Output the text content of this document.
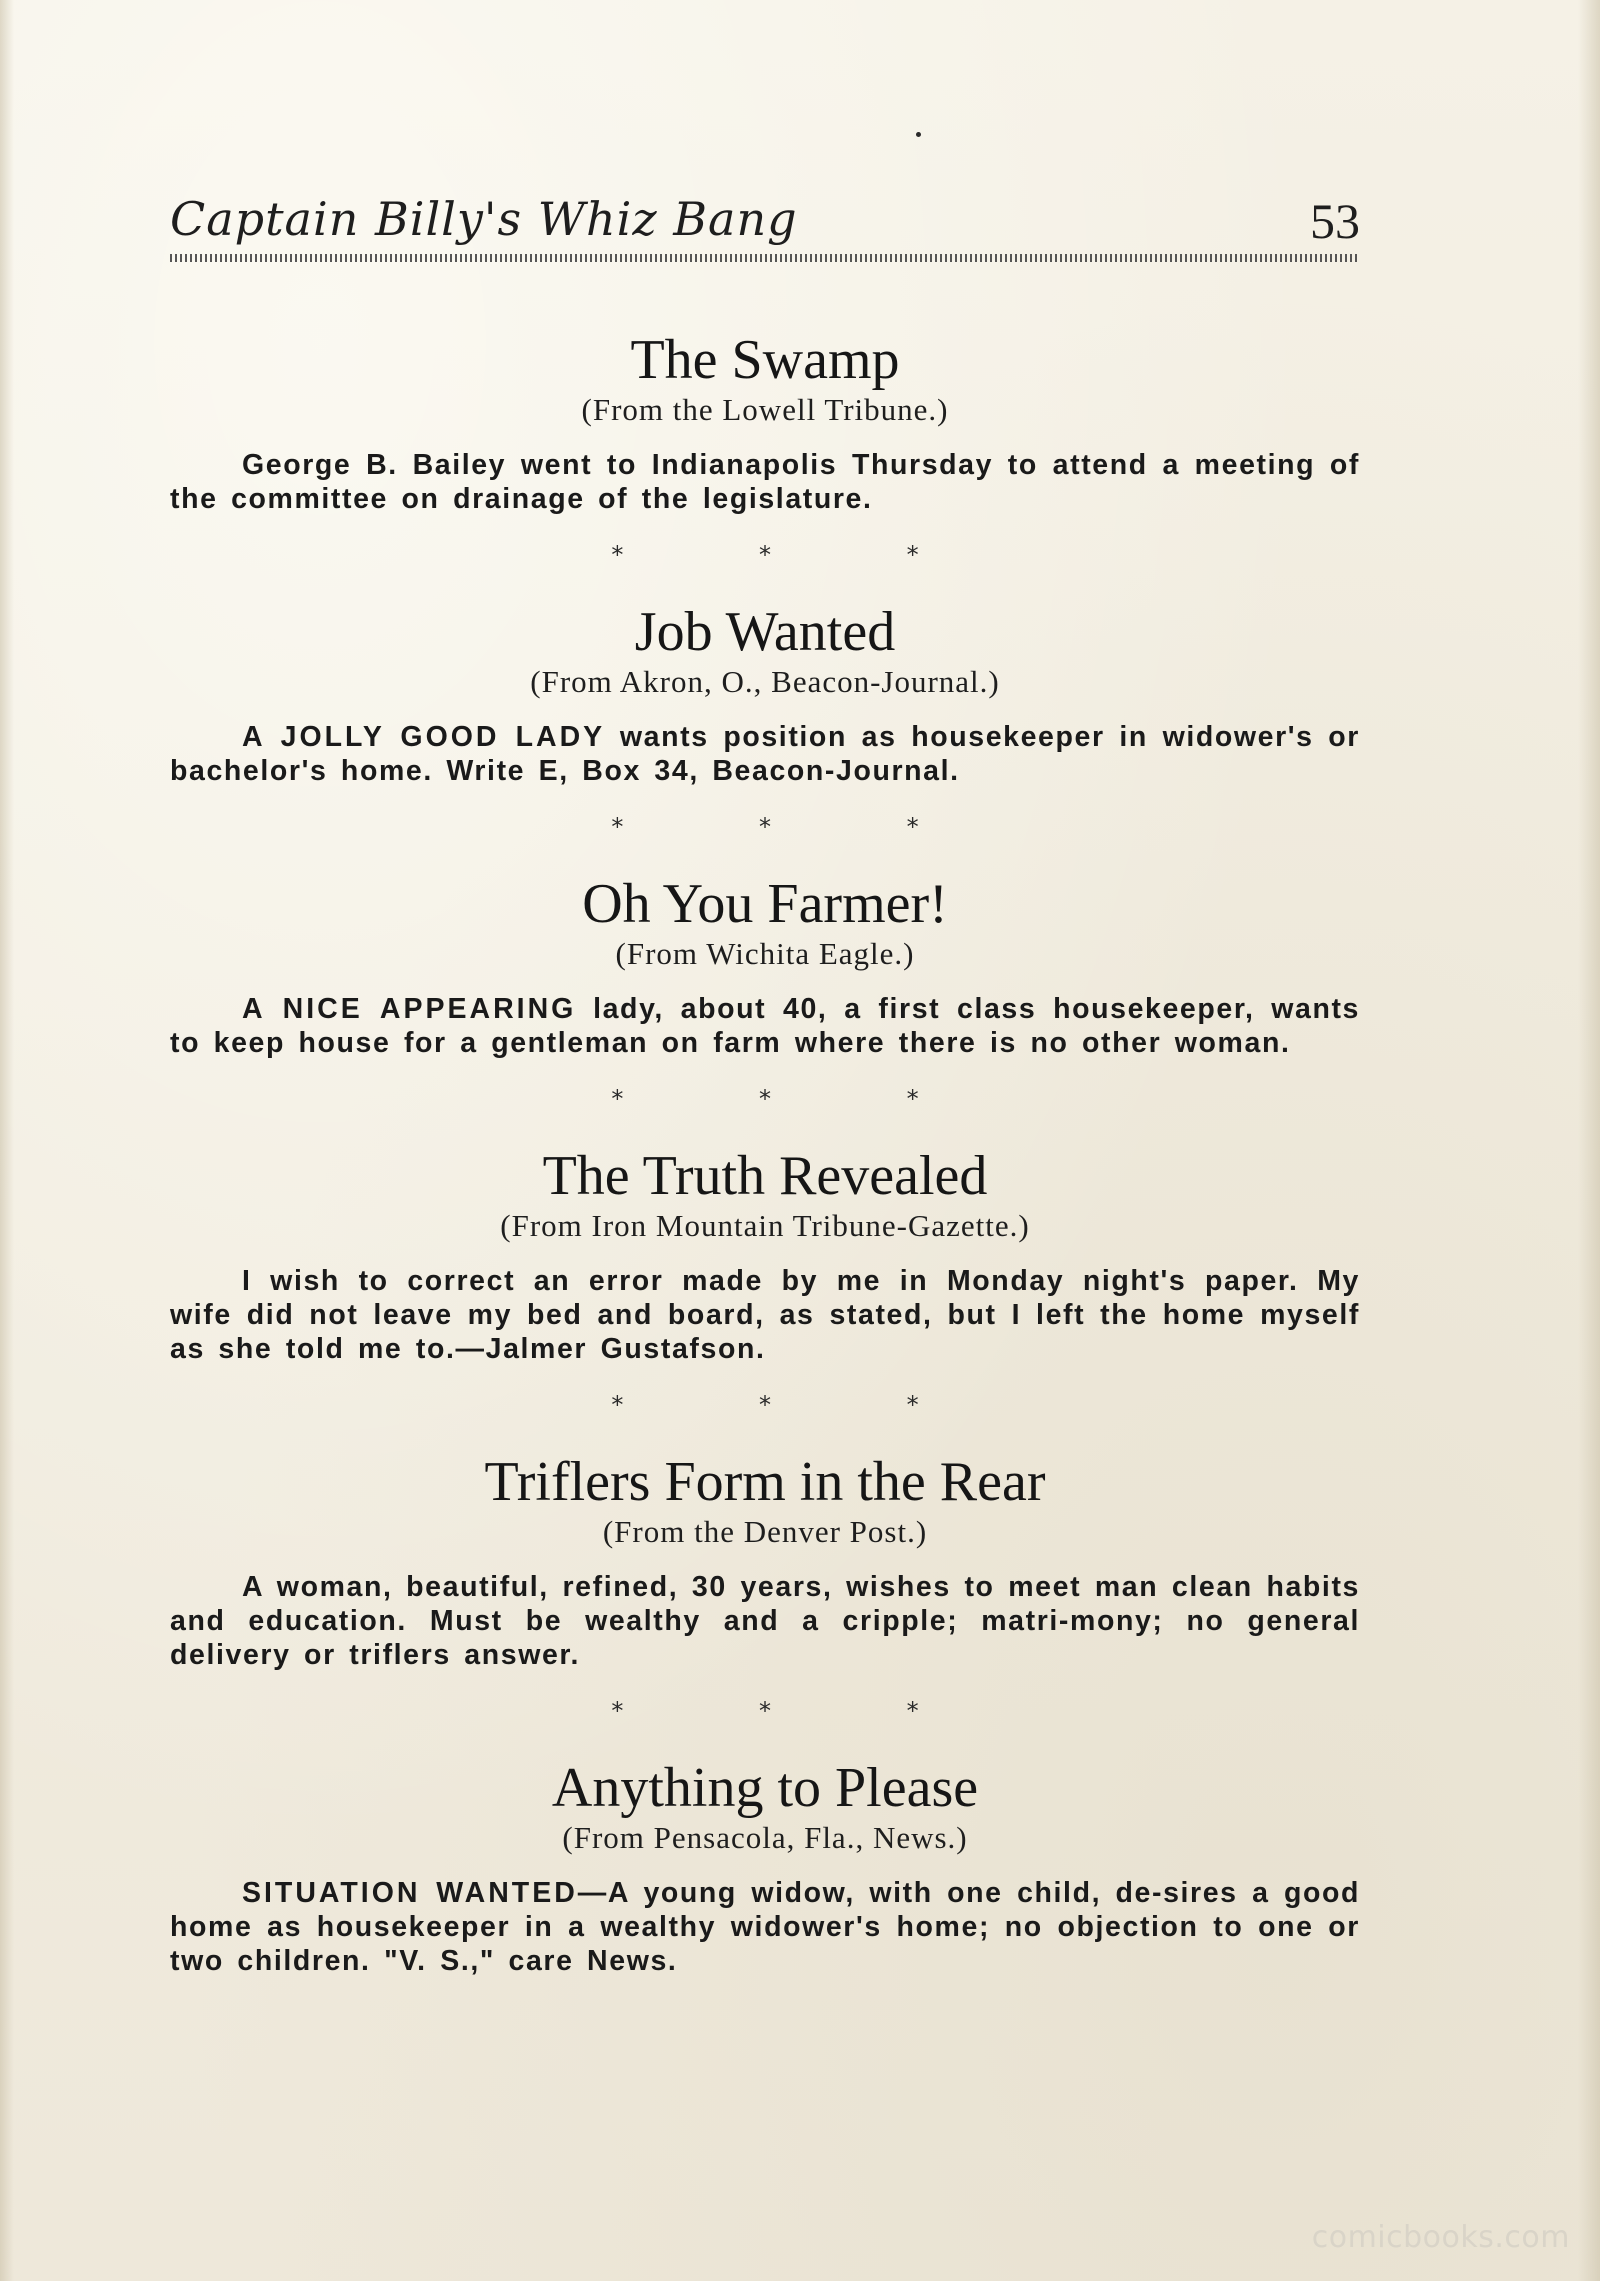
Captain Billy's Whiz Bang	53
The Swamp
(From the Lowell Tribune.)
George B. Bailey went to Indianapolis Thursday to attend a meeting of the committee on drainage of the legislature.
* * *
Job Wanted
(From Akron, O., Beacon-Journal.)
A JOLLY GOOD LADY wants position as housekeeper in widower's or bachelor's home. Write E, Box 34, Beacon-Journal.
* * *
Oh You Farmer!
(From Wichita Eagle.)
A NICE APPEARING lady, about 40, a first class housekeeper, wants to keep house for a gentleman on farm where there is no other woman.
* * *
The Truth Revealed
(From Iron Mountain Tribune-Gazette.)
I wish to correct an error made by me in Monday night's paper. My wife did not leave my bed and board, as stated, but I left the home myself as she told me to.—Jalmer Gustafson.
* * *
Triflers Form in the Rear
(From the Denver Post.)
A woman, beautiful, refined, 30 years, wishes to meet man clean habits and education. Must be wealthy and a cripple; matri-mony; no general delivery or triflers answer.
* * *
Anything to Please
(From Pensacola, Fla., News.)
SITUATION WANTED—A young widow, with one child, de-sires a good home as housekeeper in a wealthy widower's home; no objection to one or two children. "V. S.," care News.
comicbooks.com
